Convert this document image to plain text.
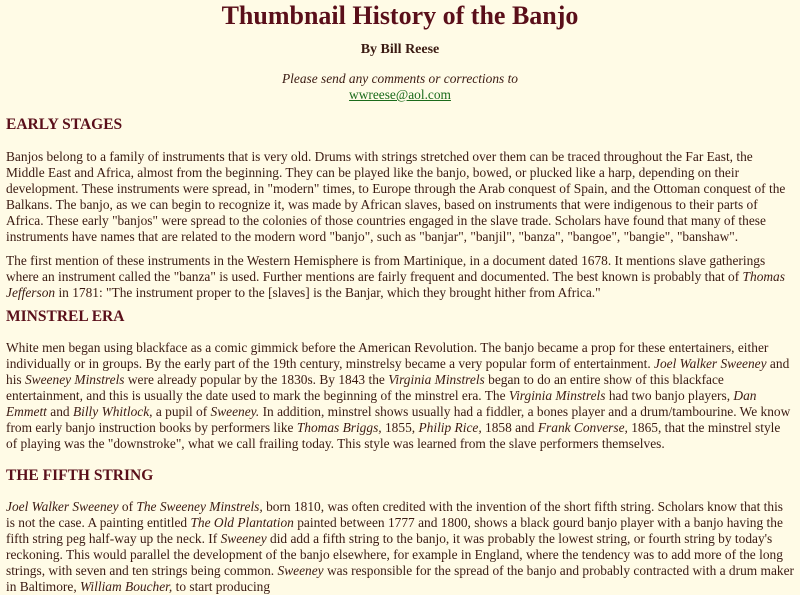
Thumbnail History of the Banjo
By Bill Reese
Please send any comments or corrections to
wwreese@aol.com
EARLY STAGES

Banjos belong to a family of instruments that is very old. Drums with strings stretched over them can be traced throughout the Far East, the Middle East and Africa, almost from the beginning. They can be played like the banjo, bowed, or plucked like a harp, depending on their development. These instruments were spread, in "modern" times, to Europe through the Arab conquest of Spain, and the Ottoman conquest of the Balkans. The banjo, as we can begin to recognize it, was made by African slaves, based on instruments that were indigenous to their parts of Africa. These early "banjos" were spread to the colonies of those countries engaged in the slave trade. Scholars have found that many of these instruments have names that are related to the modern word "banjo", such as "banjar", "banjil", "banza", "bangoe", "bangie", "banshaw".

The first mention of these instruments in the Western Hemisphere is from Martinique, in a document dated 1678. It mentions slave gatherings where an instrument called the "banza" is used. Further mentions are fairly frequent and documented. The best known is probably that of Thomas Jefferson in 1781: "The instrument proper to the [slaves] is the Banjar, which they brought hither from Africa."

MINSTREL ERA

White men began using blackface as a comic gimmick before the American Revolution. The banjo became a prop for these entertainers, either individually or in groups. By the early part of the 19th century, minstrelsy became a very popular form of entertainment. Joel Walker Sweeney and his Sweeney Minstrels were already popular by the 1830s. By 1843 the Virginia Minstrels began to do an entire show of this blackface entertainment, and this is usually the date used to mark the beginning of the minstrel era. The Virginia Minstrels had two banjo players, Dan Emmett and Billy Whitlock, a pupil of Sweeney. In addition, minstrel shows usually had a fiddler, a bones player and a drum/tambourine. We know from early banjo instruction books by performers like Thomas Briggs, 1855, Philip Rice, 1858 and Frank Converse, 1865, that the minstrel style of playing was the "downstroke", what we call frailing today. This style was learned from the slave performers themselves.

THE FIFTH STRING

Joel Walker Sweeney of The Sweeney Minstrels, born 1810, was often credited with the invention of the short fifth string. Scholars know that this is not the case. A painting entitled The Old Plantation painted between 1777 and 1800, shows a black gourd banjo player with a banjo having the fifth string peg half-way up the neck. If Sweeney did add a fifth string to the banjo, it was probably the lowest string, or fourth string by today's reckoning. This would parallel the development of the banjo elsewhere, for example in England, where the tendency was to add more of the long strings, with seven and ten strings being common. Sweeney was responsible for the spread of the banjo and probably contracted with a drum maker in Baltimore, William Boucher, to start producing
